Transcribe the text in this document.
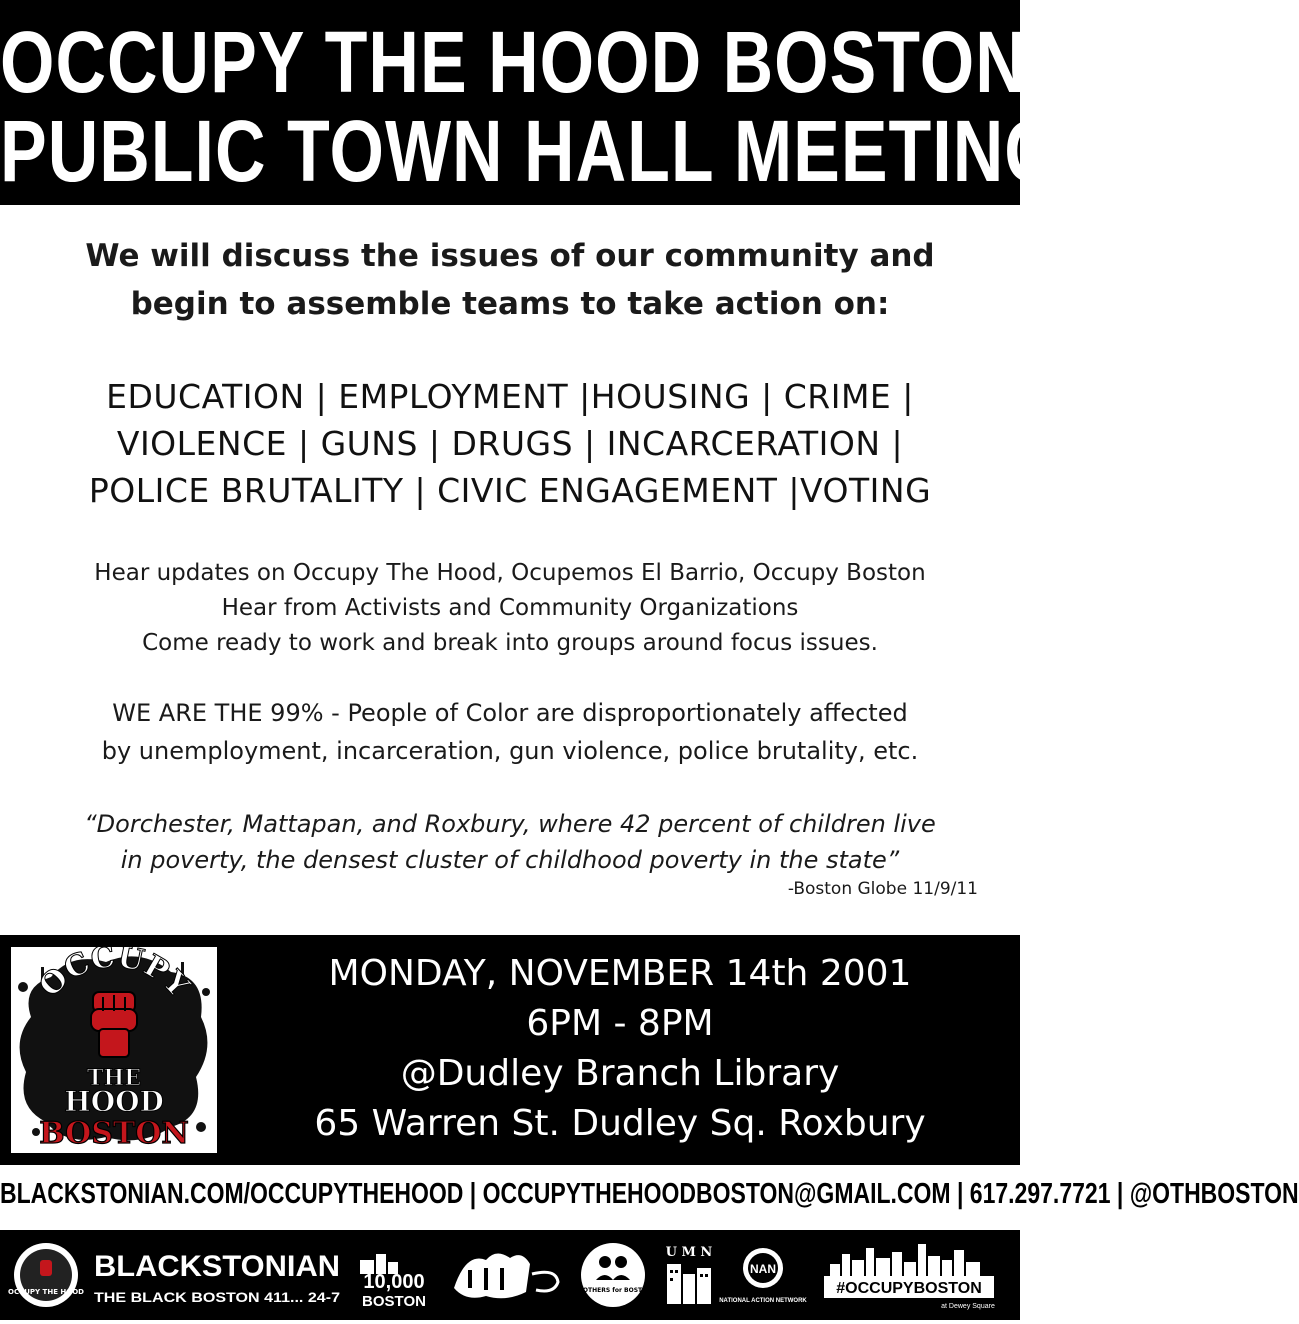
OCCUPY THE HOOD BOSTON
PUBLIC TOWN HALL MEETING
We will discuss the issues of our community and
begin to assemble teams to take action on:
EDUCATION | EMPLOYMENT |HOUSING | CRIME |
VIOLENCE | GUNS | DRUGS | INCARCERATION |
POLICE BRUTALITY | CIVIC ENGAGEMENT |VOTING
Hear updates on Occupy The Hood, Ocupemos El Barrio, Occupy Boston
Hear from Activists and Community Organizations
Come ready to work and break into groups around focus issues.
WE ARE THE 99% - People of Color are disproportionately affected
by unemployment, incarceration, gun violence, police brutality, etc.
“Dorchester, Mattapan, and Roxbury, where 42 percent of children live
in poverty, the densest cluster of childhood poverty in the state”
-Boston Globe 11/9/11
OCCUPY
THE
HOOD
BOSTON
MONDAY, NOVEMBER 14th 2001
6PM - 8PM
@Dudley Branch Library
65 Warren St. Dudley Sq. Roxbury
BLACKSTONIAN.COM/OCCUPYTHEHOOD | OCCUPYTHEHOODBOSTON@GMAIL.COM | 617.297.7721 | @OTHBOSTON
OCCUPY THE HOOD
BLACKSTONIAN
THE BLACK BOSTON 411... 24-7
10,000
BOSTON
BROTHERS for BOSTON
U M N
NAN
NATIONAL ACTION NETWORK
#OCCUPYBOSTON
at Dewey Square
